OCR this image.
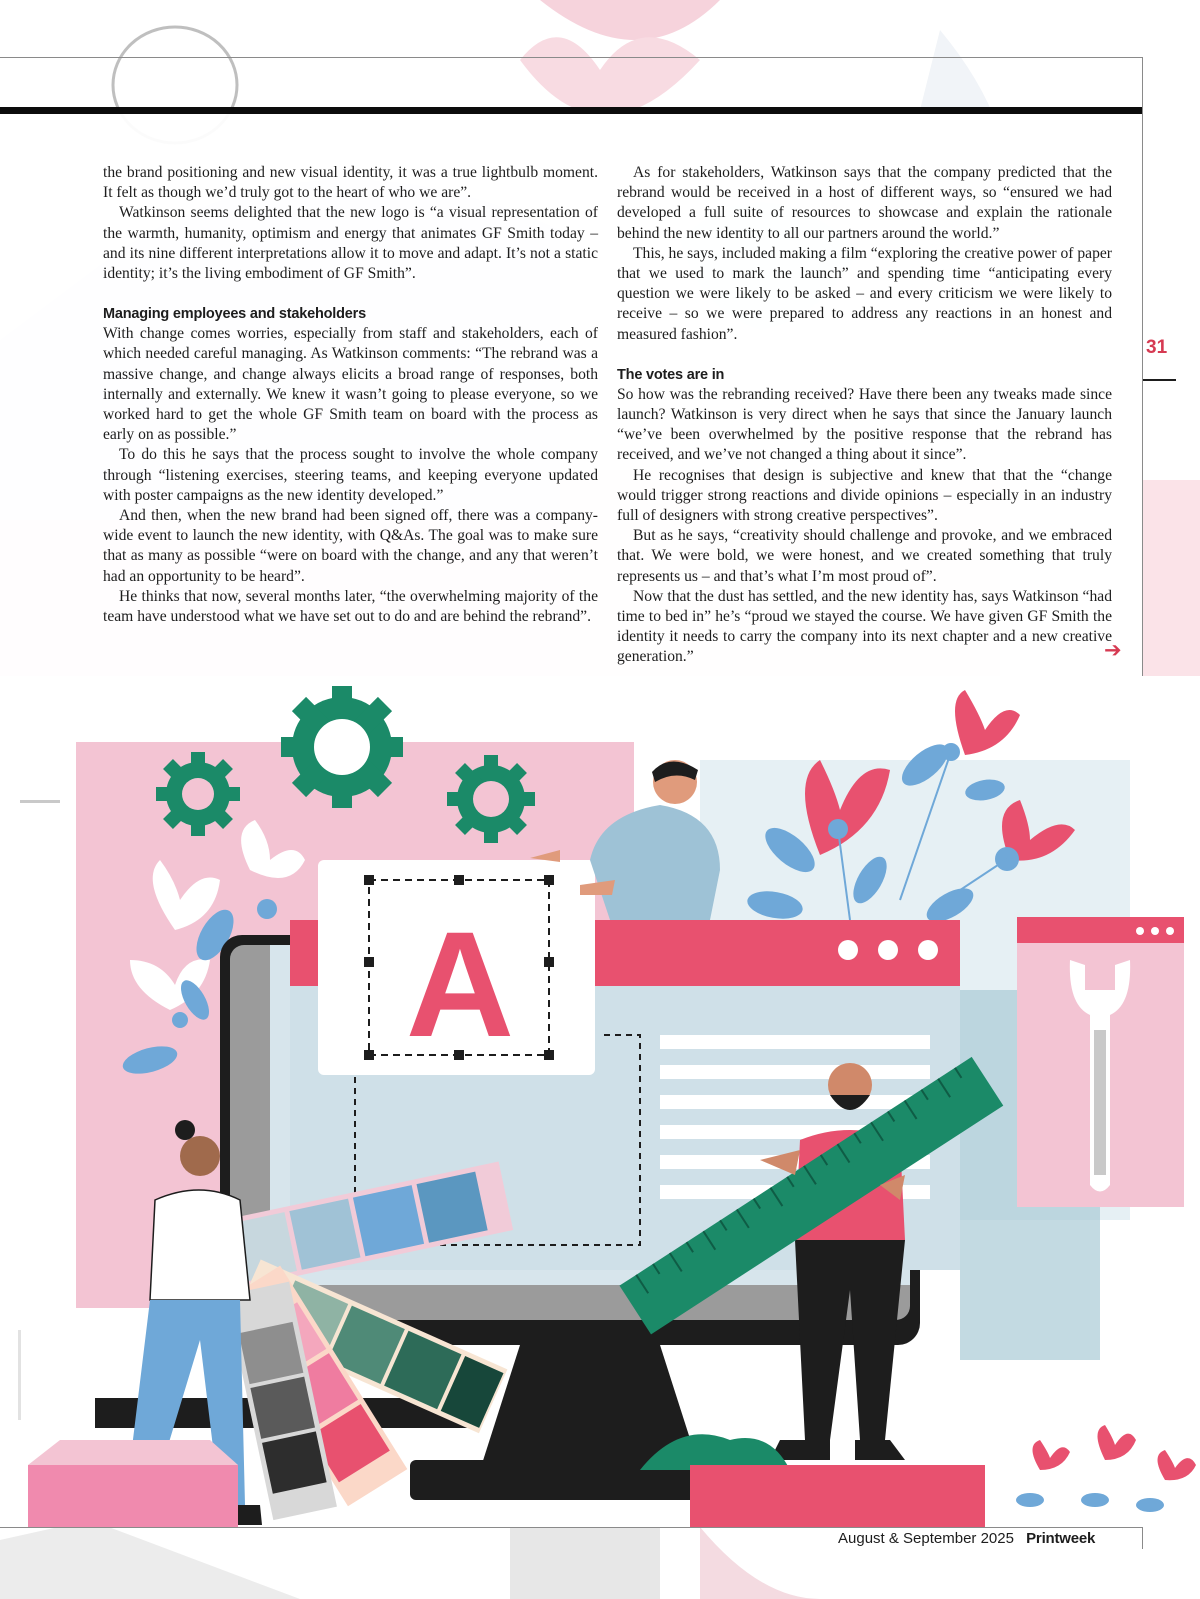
the brand positioning and new visual identity, it was a true lightbulb moment. It felt as though we’d truly got to the heart of who we are”.

Watkinson seems delighted that the new logo is “a visual representation of the warmth, humanity, optimism and energy that animates GF Smith today – and its nine different interpretations allow it to move and adapt. It’s not a static identity; it’s the living embodiment of GF Smith”.

Managing employees and stakeholders

With change comes worries, especially from staff and stakeholders, each of which needed careful managing. As Watkinson comments: “The rebrand was a massive change, and change always elicits a broad range of responses, both internally and externally. We knew it wasn’t going to please everyone, so we worked hard to get the whole GF Smith team on board with the process as early on as possible.”

To do this he says that the process sought to involve the whole company through “listening exercises, steering teams, and keeping everyone updated with poster campaigns as the new identity developed.”

And then, when the new brand had been signed off, there was a company-wide event to launch the new identity, with Q&As. The goal was to make sure that as many as possible “were on board with the change, and any that weren’t had an opportunity to be heard”.

He thinks that now, several months later, “the overwhelming majority of the team have understood what we have set out to do and are behind the rebrand”.

As for stakeholders, Watkinson says that the company predicted that the rebrand would be received in a host of different ways, so “ensured we had developed a full suite of resources to showcase and explain the rationale behind the new identity to all our partners around the world.”

This, he says, included making a film “exploring the creative power of paper that we used to mark the launch” and spending time “anticipating every question we were likely to be asked – and every criticism we were likely to receive – so we were prepared to address any reactions in an honest and measured fashion”.

The votes are in

So how was the rebranding received? Have there been any tweaks made since launch? Watkinson is very direct when he says that since the January launch “we’ve been overwhelmed by the positive response that the rebrand has received, and we’ve not changed a thing about it since”.

He recognises that design is subjective and knew that that the “change would trigger strong reactions and divide opinions – especially in an industry full of designers with strong creative perspectives”.

But as he says, “creativity should challenge and provoke, and we embraced that. We were bold, we were honest, and we created something that truly represents us – and that’s what I’m most proud of”.

Now that the dust has settled, and the new identity has, says Watkinson “had time to bed in” he’s “proud we stayed the course. We have given GF Smith the identity it needs to carry the company into its next chapter and a new creative generation.”

31
➔
A
August & September 2025 Printweek
